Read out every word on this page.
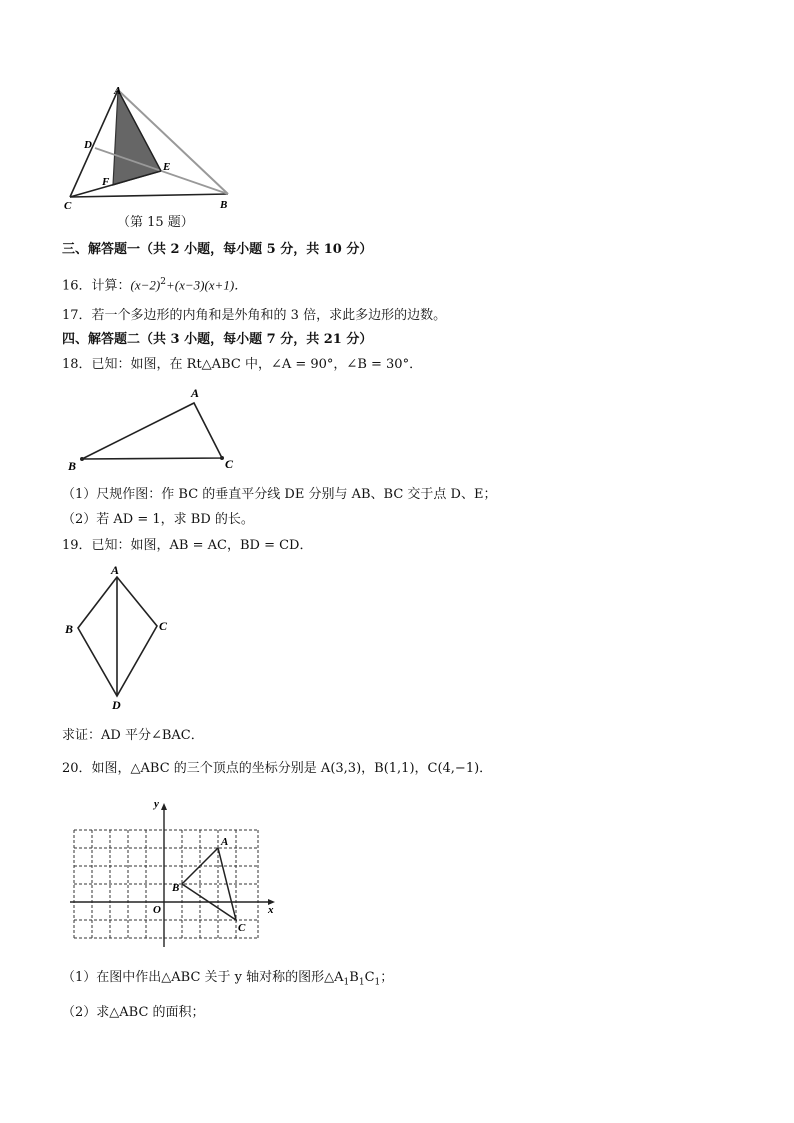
A
D
E
F
C	B
（第 15 题）
三、解答题一（共 2 小题，每小题 5 分，共 10 分）
16．计算：$(x-2)^2+(x-3)(x+1)$．
17．若一个多边形的内角和是外角和的 3 倍，求此多边形的边数。
四、解答题二（共 3 小题，每小题 7 分，共 21 分）
18．已知：如图，在 Rt△ABC 中，∠A = 90°，∠B = 30°．
A
B	C
（1）尺规作图：作 BC 的垂直平分线 DE 分别与 AB、BC 交于点 D、E；
（2）若 AD = 1，求 BD 的长。
19．已知：如图，AB = AC，BD = CD．
A
B	C
D
求证：AD 平分∠BAC．
20．如图，△ABC 的三个顶点的坐标分别是 A(3,3)，B(1,1)，C(4,−1)．
y
x
O
A
B
C
（1）在图中作出△ABC 关于 y 轴对称的图形$\triangle A_1B_1C_1$；
（2）求△ABC 的面积；
